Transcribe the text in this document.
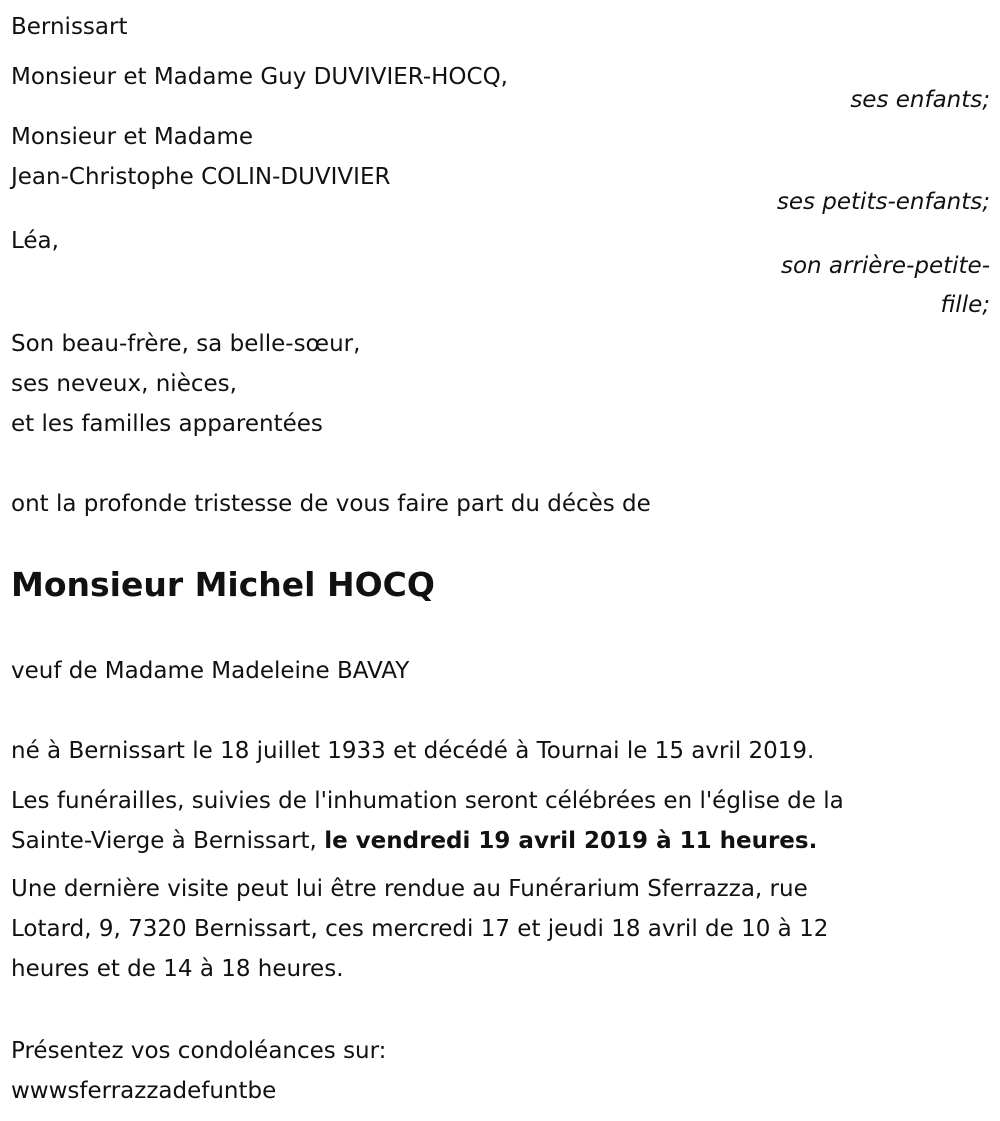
Bernissart
Monsieur et Madame Guy DUVIVIER-HOCQ,
ses enfants;
Monsieur et Madame
Jean-Christophe COLIN-DUVIVIER
ses petits-enfants;
Léa,
son arrière-petite-
fille;
Son beau-frère, sa belle-sœur,
ses neveux, nièces,
et les familles apparentées
ont la profonde tristesse de vous faire part du décès de
Monsieur Michel HOCQ
veuf de Madame Madeleine BAVAY
né à Bernissart le 18 juillet 1933 et décédé à Tournai le 15 avril 2019.
Les funérailles, suivies de l'inhumation seront célébrées en l'église de la
Sainte-Vierge à Bernissart, le vendredi 19 avril 2019 à 11 heures.
Une dernière visite peut lui être rendue au Funérarium Sferrazza, rue
Lotard, 9, 7320 Bernissart, ces mercredi 17 et jeudi 18 avril de 10 à 12
heures et de 14 à 18 heures.
Présentez vos condoléances sur:
wwwsferrazzadefuntbe
